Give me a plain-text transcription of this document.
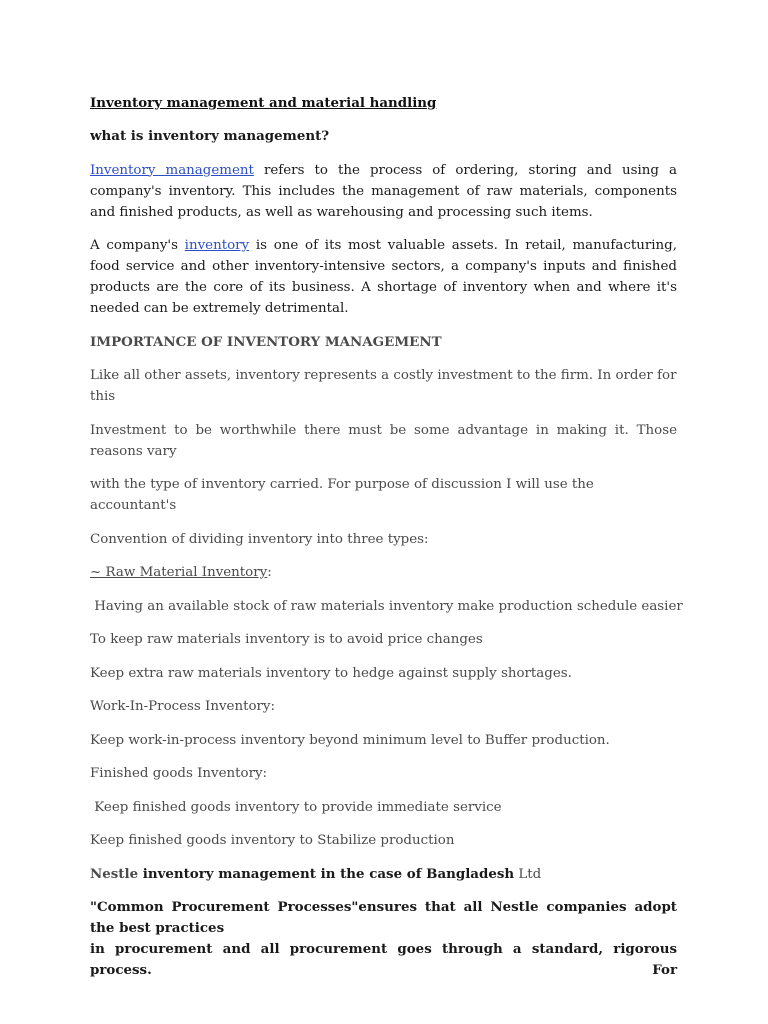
Inventory management and material handling

what is inventory management?

Inventory management refers to the process of ordering, storing and using a company's inventory. This includes the management of raw materials, components and finished products, as well as warehousing and processing such items.

A company's inventory is one of its most valuable assets. In retail, manufacturing, food service and other inventory-intensive sectors, a company's inputs and finished products are the core of its business. A shortage of inventory when and where it's needed can be extremely detrimental.

IMPORTANCE OF INVENTORY MANAGEMENT

Like all other assets, inventory represents a costly investment to the firm. In order for this

Investment to be worthwhile there must be some advantage in making it. Those reasons vary

with the type of inventory carried. For purpose of discussion I will use the accountant's

Convention of dividing inventory into three types:

~ Raw Material Inventory:

Having an available stock of raw materials inventory make production schedule easier

To keep raw materials inventory is to avoid price changes

Keep extra raw materials inventory to hedge against supply shortages.

Work-In-Process Inventory:

Keep work-in-process inventory beyond minimum level to Buffer production.

Finished goods Inventory:

Keep finished goods inventory to provide immediate service

Keep finished goods inventory to Stabilize production

Nestle inventory management in the case of Bangladesh Ltd

"Common Procurement Processes"ensures that all Nestle companies adopt the best practices

in procurement and all procurement goes through a standard, rigorous process. For
